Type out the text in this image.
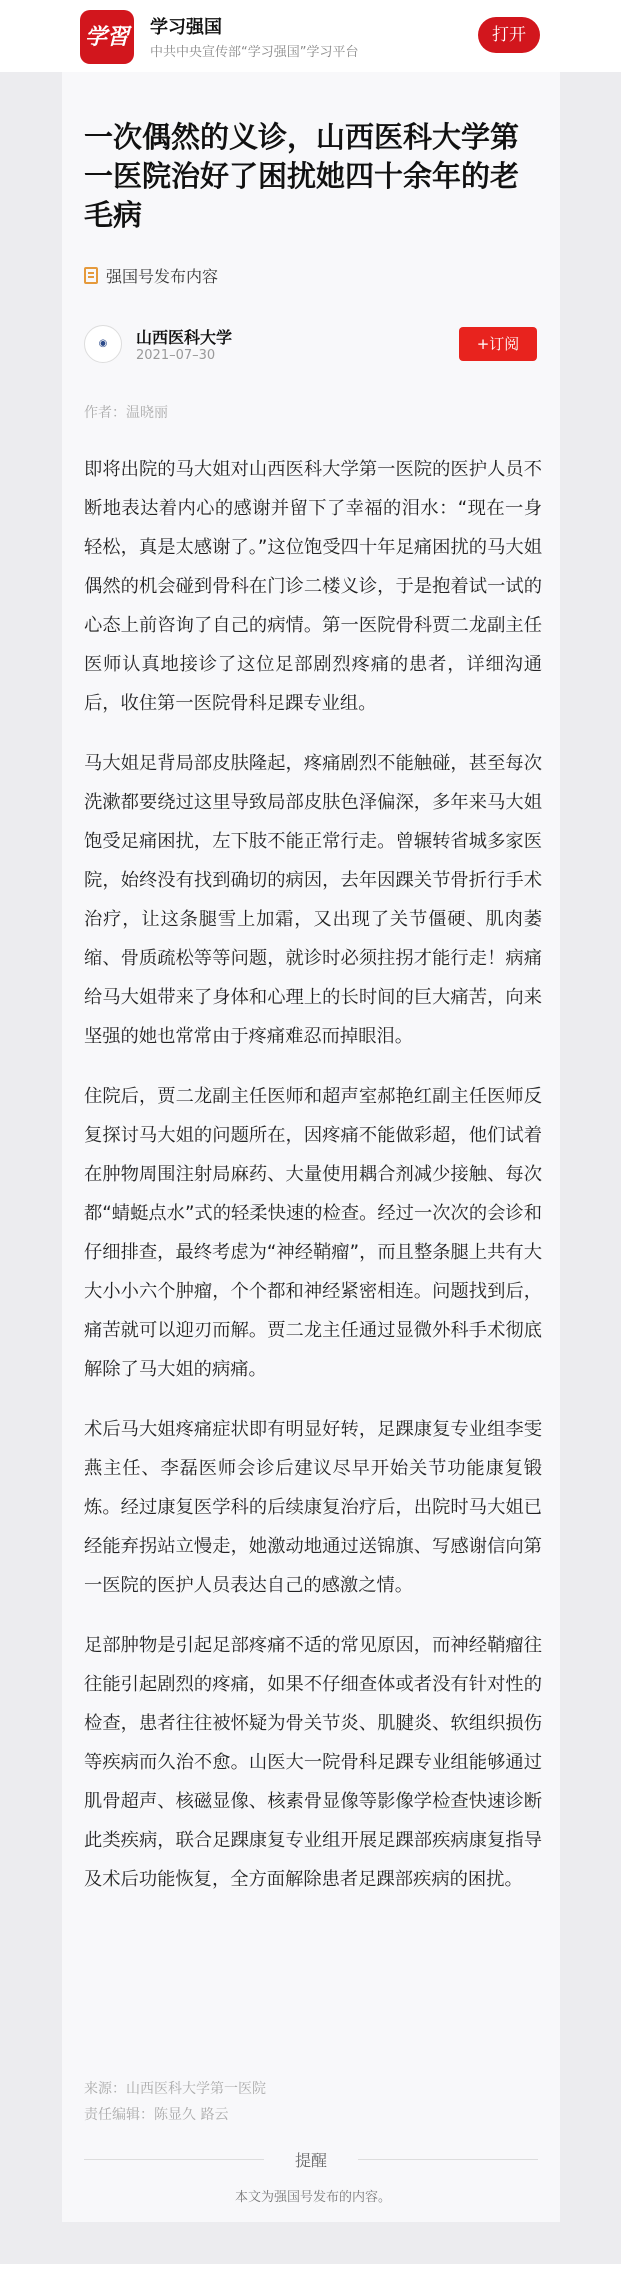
学習 学习强国
中共中央宣传部“学习强国”学习平台
打开
一次偶然的义诊，山西医科大学第一医院治好了困扰她四十余年的老毛病
强国号发布内容
◉	山西医科大学
2021–07–30
+订阅
作者：温晓丽

即将出院的马大姐对山西医科大学第一医院的医护人员不断地表达着内心的感谢并留下了幸福的泪水：“现在一身轻松，真是太感谢了。”这位饱受四十年足痛困扰的马大姐偶然的机会碰到骨科在门诊二楼义诊，于是抱着试一试的心态上前咨询了自己的病情。第一医院骨科贾二龙副主任医师认真地接诊了这位足部剧烈疼痛的患者，详细沟通后，收住第一医院骨科足踝专业组。

马大姐足背局部皮肤隆起，疼痛剧烈不能触碰，甚至每次洗漱都要绕过这里导致局部皮肤色泽偏深，多年来马大姐饱受足痛困扰，左下肢不能正常行走。曾辗转省城多家医院，始终没有找到确切的病因，去年因踝关节骨折行手术治疗，让这条腿雪上加霜，又出现了关节僵硬、肌肉萎缩、骨质疏松等等问题，就诊时必须拄拐才能行走！病痛给马大姐带来了身体和心理上的长时间的巨大痛苦，向来坚强的她也常常由于疼痛难忍而掉眼泪。

住院后，贾二龙副主任医师和超声室郝艳红副主任医师反复探讨马大姐的问题所在，因疼痛不能做彩超，他们试着在肿物周围注射局麻药、大量使用耦合剂减少接触、每次都“蜻蜓点水”式的轻柔快速的检查。经过一次次的会诊和仔细排查，最终考虑为“神经鞘瘤”，而且整条腿上共有大大小小六个肿瘤，个个都和神经紧密相连。问题找到后，痛苦就可以迎刃而解。贾二龙主任通过显微外科手术彻底解除了马大姐的病痛。

术后马大姐疼痛症状即有明显好转，足踝康复专业组李雯燕主任、李磊医师会诊后建议尽早开始关节功能康复锻炼。经过康复医学科的后续康复治疗后，出院时马大姐已经能弃拐站立慢走，她激动地通过送锦旗、写感谢信向第一医院的医护人员表达自己的感激之情。

足部肿物是引起足部疼痛不适的常见原因，而神经鞘瘤往往能引起剧烈的疼痛，如果不仔细查体或者没有针对性的检查，患者往往被怀疑为骨关节炎、肌腱炎、软组织损伤等疾病而久治不愈。山医大一院骨科足踝专业组能够通过肌骨超声、核磁显像、核素骨显像等影像学检查快速诊断此类疾病，联合足踝康复专业组开展足踝部疾病康复指导及术后功能恢复，全方面解除患者足踝部疾病的困扰。

来源：山西医科大学第一医院
责任编辑：陈显久 路云
提醒
本文为强国号发布的内容。
